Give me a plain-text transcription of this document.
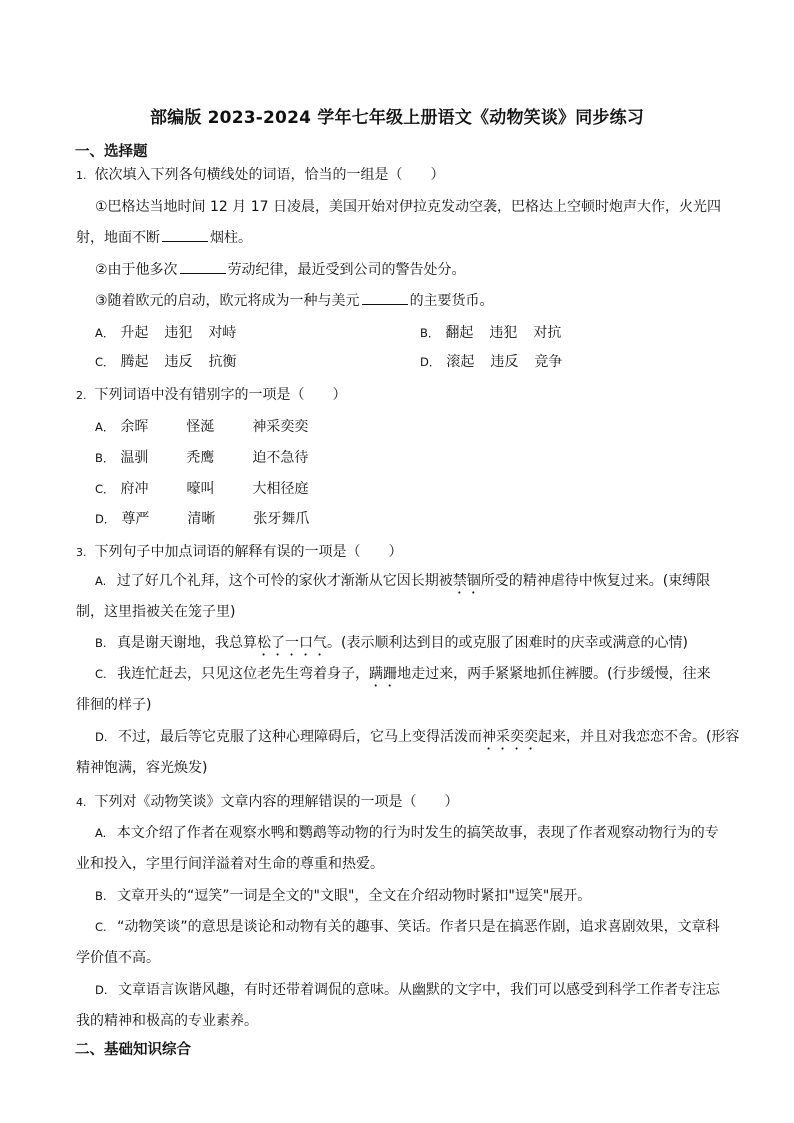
部编版 2023-2024 学年七年级上册语文《动物笑谈》同步练习
一、选择题
1. 依次填入下列各句横线处的词语，恰当的一组是（　　）
①巴格达当地时间 12 月 17 日凌晨，美国开始对伊拉克发动空袭，巴格达上空顿时炮声大作，火光四
射，地面不断	烟柱。
②由于他多次	劳动纪律，最近受到公司的警告处分。
③随着欧元的启动，欧元将成为一种与美元	的主要货币。
A． 升起 违犯 对峙	B． 翻起 违犯 对抗
C． 腾起 违反 抗衡	D． 滚起 违反 竞争
2. 下列词语中没有错别字的一项是（　　）
A． 余晖	怪涎	神采奕奕
B． 温驯	秃鹰	迫不急待
C． 府冲	嚎叫	大相径庭
D． 尊严	清晰	张牙舞爪
3. 下列句子中加点词语的解释有误的一项是（　　）
A. 过了好几个礼拜，这个可怜的家伙才渐渐从它因长期被禁锢所受的精神虐待中恢复过来。(束缚限
制，这里指被关在笼子里)
B. 真是谢天谢地，我总算松了一口气。(表示顺利达到目的或克服了困难时的庆幸或满意的心情)
C. 我连忙赶去，只见这位老先生弯着身子，蹒跚地走过来，两手紧紧地抓住裤腰。(行步缓慢，往来
徘徊的样子)
D. 不过，最后等它克服了这种心理障碍后，它马上变得活泼而神采奕奕起来，并且对我恋恋不舍。(形容
精神饱满，容光焕发)
4. 下列对《动物笑谈》文章内容的理解错误的一项是（　　）
A. 本文介绍了作者在观察水鸭和鹦鹉等动物的行为时发生的搞笑故事，表现了作者观察动物行为的专
业和投入，字里行间洋溢着对生命的尊重和热爱。
B. 文章开头的“逗笑”一词是全文的"文眼"，全文在介绍动物时紧扣"逗笑"展开。
C. “动物笑谈”的意思是谈论和动物有关的趣事、笑话。作者只是在搞恶作剧，追求喜剧效果，文章科
学价值不高。
D. 文章语言诙谐风趣，有时还带着调侃的意味。从幽默的文字中，我们可以感受到科学工作者专注忘
我的精神和极高的专业素养。
二、基础知识综合
